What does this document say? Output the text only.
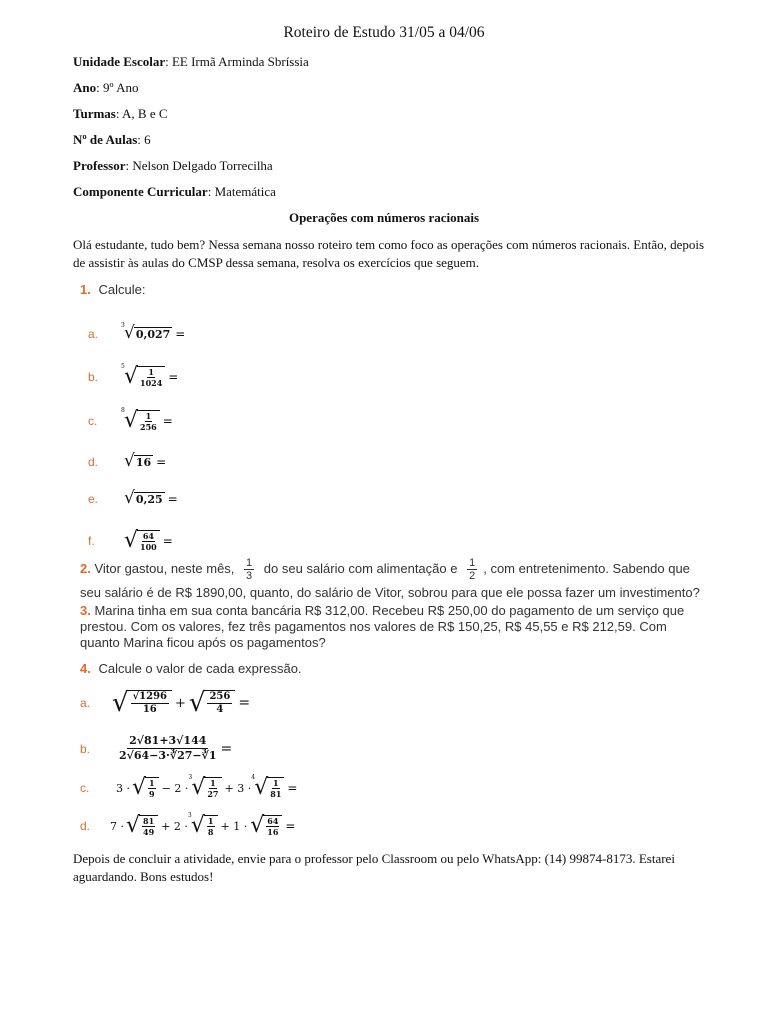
Roteiro de Estudo 31/05 a 04/06
Unidade Escolar: EE Irmã Arminda Sbríssia
Ano: 9º Ano
Turmas: A, B e C
Nº de Aulas: 6
Professor: Nelson Delgado Torrecilha
Componente Curricular: Matemática
Operações com números racionais
Olá estudante, tudo bem? Nessa semana nosso roteiro tem como foco as operações com números racionais. Então, depois de assistir às aulas do CMSP dessa semana, resolva os exercícios que seguem.
1. Calcule:
a.
3 √ 0,027 =
b.
5 √ $\frac{1}{1024}$ =
c.
8 √ $\frac{1}{256}$ =
d. √ 16 =
e. √ 0,25 =
f. √ $\frac{64}{100}$ =
2. Vitor gastou, neste mês, $\frac{1}{3}$ do seu salário com alimentação e $\frac{1}{2}$ , com entretenimento. Sabendo que seu salário é de R$ 1890,00, quanto, do salário de Vitor, sobrou para que ele possa fazer um investimento?
3. Marina tinha em sua conta bancária R$ 312,00. Recebeu R$ 250,00 do pagamento de um serviço que prestou. Com os valores, fez três pagamentos nos valores de R$ 150,25, R$ 45,55 e R$ 212,59. Com quanto Marina ficou após os pagamentos?
4. Calcule o valor de cada expressão.
a. √ $\frac{√1296}{16}$ + √ $\frac{256}{4}$ =
b.	$\frac{2√81+3√144}{2√64-3\cdot∛27-∛1}$ =
c. 3 · √ $\frac{1}{9} - 2$ ·
3 √ $\frac{1}{27} + 3$ ·
4 √ $\frac{1}{81}$ =
d. 7 · √ $\frac{81}{49} + 2$ ·
3 √ $\frac{1}{8} + 1$ · √ $\frac{64}{16}$ =
Depois de concluir a atividade, envie para o professor pelo Classroom ou pelo WhatsApp: (14) 99874-8173. Estarei aguardando. Bons estudos!
